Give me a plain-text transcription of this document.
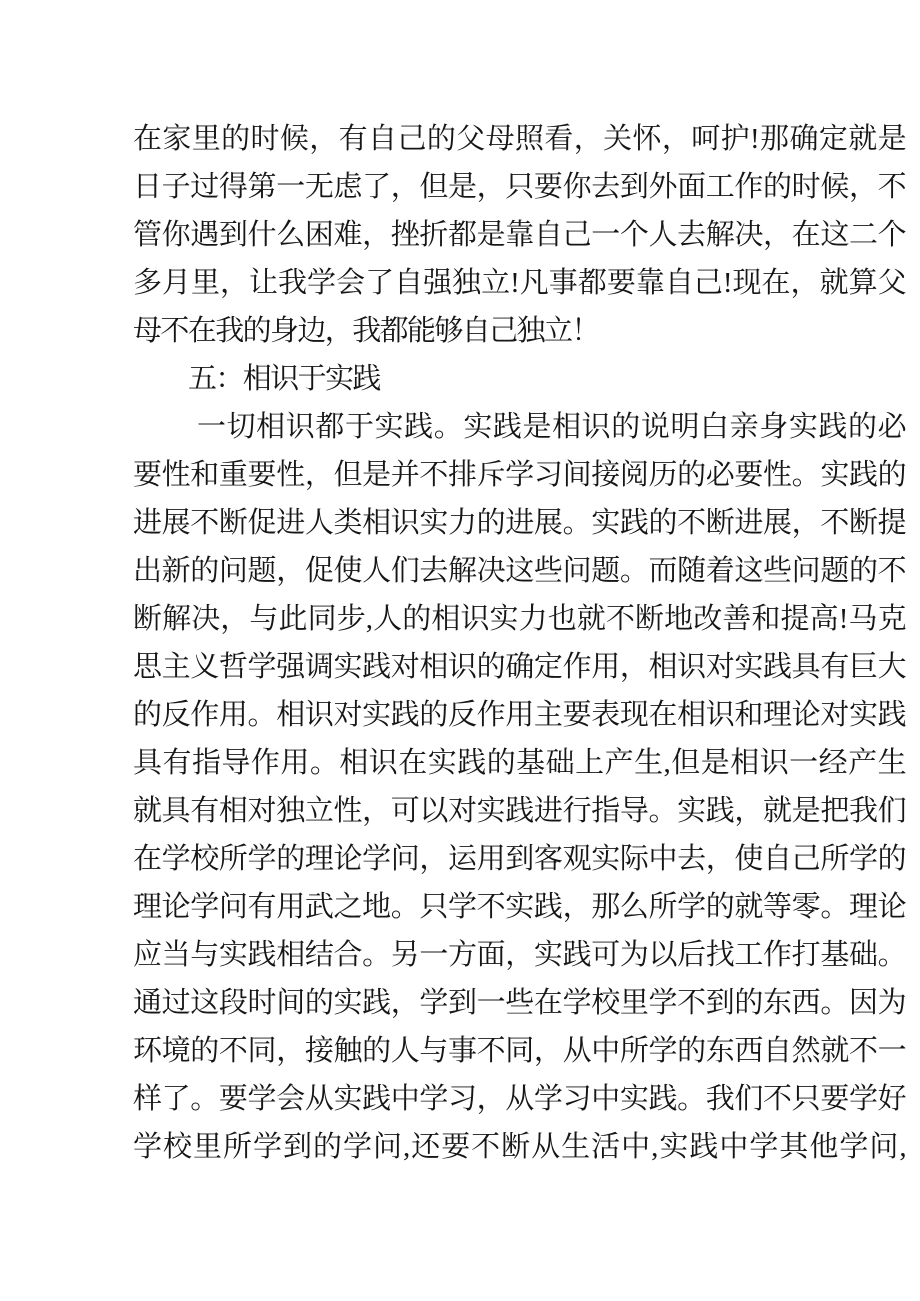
在家里的时候，有自己的父母照看，关怀，呵护!那确定就是
日子过得第一无虑了，但是，只要你去到外面工作的时候，不
管你遇到什么困难，挫折都是靠自己一个人去解决，在这二个
多月里，让我学会了自强独立!凡事都要靠自己!现在，就算父
母不在我的身边，我都能够自己独立！
五：相识于实践
一切相识都于实践。实践是相识的说明白亲身实践的必
要性和重要性，但是并不排斥学习间接阅历的必要性。实践的
进展不断促进人类相识实力的进展。实践的不断进展，不断提
出新的问题，促使人们去解决这些问题。而随着这些问题的不
断解决，与此同步,人的相识实力也就不断地改善和提高!马克
思主义哲学强调实践对相识的确定作用，相识对实践具有巨大
的反作用。相识对实践的反作用主要表现在相识和理论对实践
具有指导作用。相识在实践的基础上产生,但是相识一经产生
就具有相对独立性，可以对实践进行指导。实践，就是把我们
在学校所学的理论学问，运用到客观实际中去，使自己所学的
理论学问有用武之地。只学不实践，那么所学的就等零。理论
应当与实践相结合。另一方面，实践可为以后找工作打基础。
通过这段时间的实践，学到一些在学校里学不到的东西。因为
环境的不同，接触的人与事不同，从中所学的东西自然就不一
样了。要学会从实践中学习，从学习中实践。我们不只要学好
学校里所学到的学问,还要不断从生活中,实践中学其他学问,
